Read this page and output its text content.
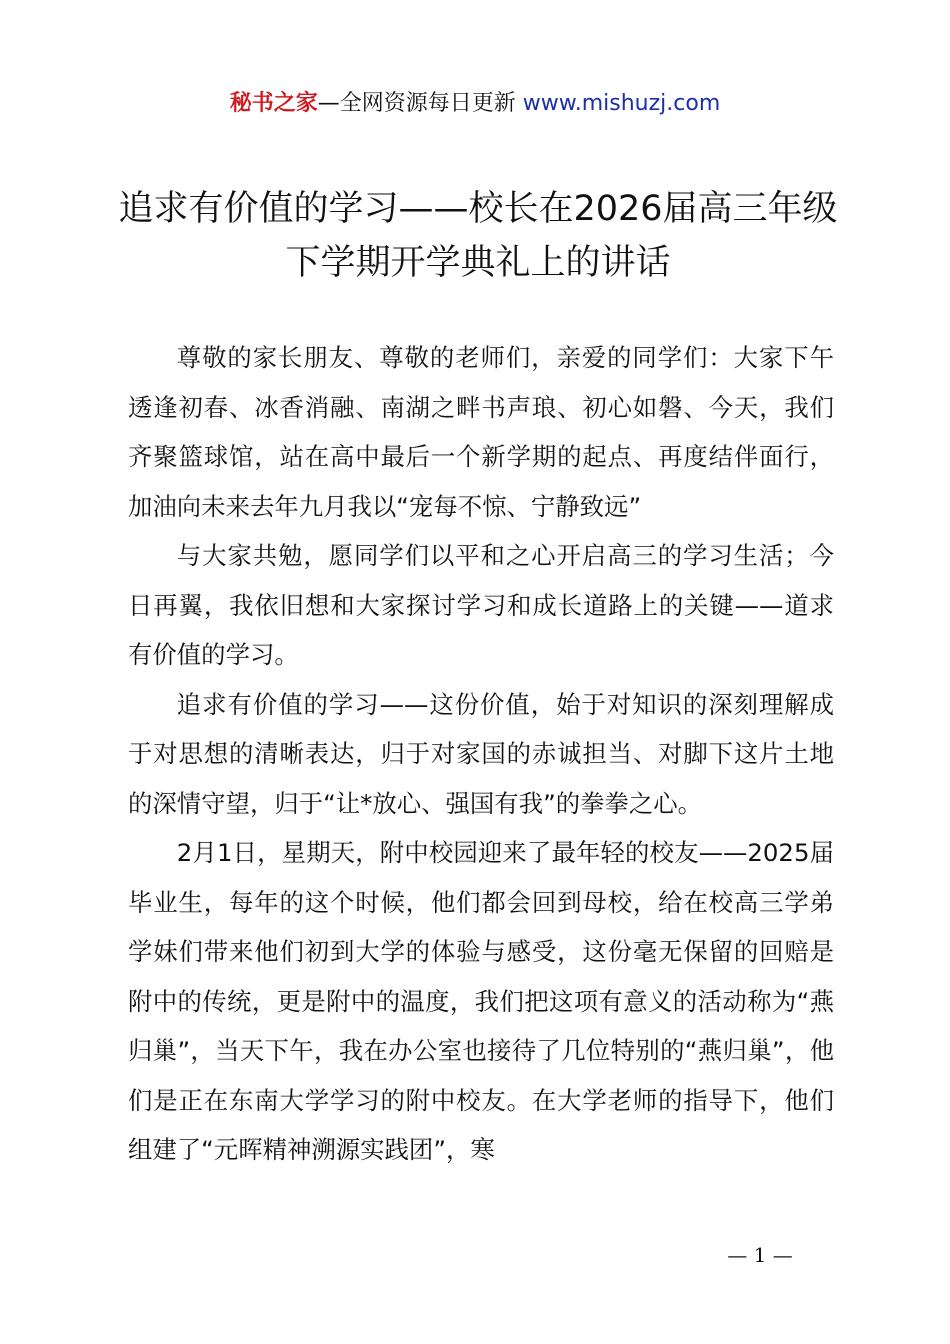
秘书之家—全网资源每日更新 www.mishuzj.com
追求有价值的学习——校长在2026届高三年级下学期开学典礼上的讲话

尊敬的家长朋友、尊敬的老师们，亲爱的同学们：大家下午透逢初春、冰香消融、南湖之畔书声琅、初心如磐、今天，我们齐聚篮球馆，站在高中最后一个新学期的起点、再度结伴面行，加油向未来去年九月我以“宠每不惊、宁静致远”

与大家共勉，愿同学们以平和之心开启高三的学习生活；今日再翼，我依旧想和大家探讨学习和成长道路上的关键——道求有价值的学习。

追求有价值的学习——这份价值，始于对知识的深刻理解成于对思想的清晰表达，归于对家国的赤诚担当、对脚下这片土地的深情守望，归于“让*放心、强国有我”的拳拳之心。

2月1日，星期天，附中校园迎来了最年轻的校友——2025届毕业生，每年的这个时候，他们都会回到母校，给在校高三学弟学妹们带来他们初到大学的体验与感受，这份毫无保留的回赔是附中的传统，更是附中的温度，我们把这项有意义的活动称为“燕归巢”，当天下午，我在办公室也接待了几位特别的“燕归巢”，他们是正在东南大学学习的附中校友。在大学老师的指导下，他们组建了“元晖精神溯源实践团”，寒

— 1 —
